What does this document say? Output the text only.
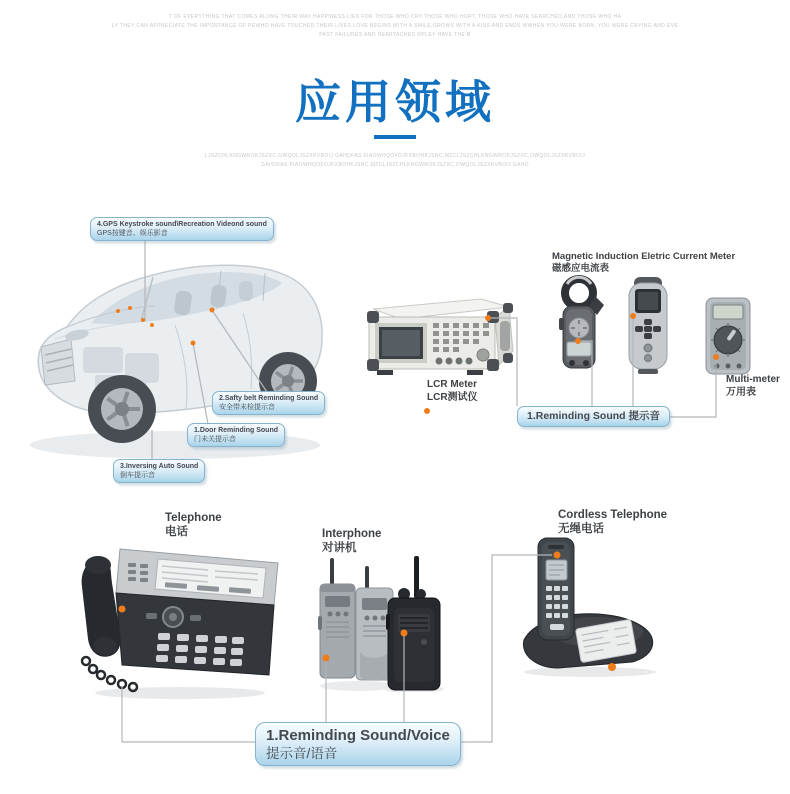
T OF EVERYTHING THAT COMES ALONG THEIR WAY HAPPINESS LIES FOR THOSE WHO CRY,THOSE WHO HURT, THOSE WHO HAVE SEARCHED,AND THOSE WHO HA
LY THEY CAN APPRECIATE THE IMPORTANCE OF PEWHO HAVE TOUCHED THEIR LIVES LOVE BEGINS WITH A SMILE,GROWS WITH A KISS AND ENDS WWHEN YOU WERE BORN, YOU WERE CRYING AND EVE
PAST FAILURES AND HEARTACHES OPLEY HAVE THE B
应用领域
LJSZCHLKNGWROKJSZXC,OWQOLJSZXKVBOIJ GAHDFAS FIAOWHQOFOJFXBOHKJSNC,MZCLJSZCHLKNGWROKJSZXC,OWQOLJSZXKVBOIJ
GAHDFAS FIAOWHQOFOJFXBOHKJSNC,MZCLJSZCHLKNGWROKJSZXC,OWQOLJSZXKVBOIJ GAHD
Magnetic Induction Eletric Current Meter
磁感应电流表
LCR Meter
LCR测试仪
Multi-meter
万用表
Telephone
电话	Interphone
对讲机
Cordless Telephone
无绳电话
4.GPS Keystroke sound\Recreation Videond sound
GPS按键音、娱乐影音
2.Safty belt Reminding Sound
安全带未检提示音
1.Door Reminding Sound
门未关提示音
3.Inversing Auto Sound
倒车提示音
1.Reminding Sound 提示音
1.Reminding Sound/Voice
提示音/语音
